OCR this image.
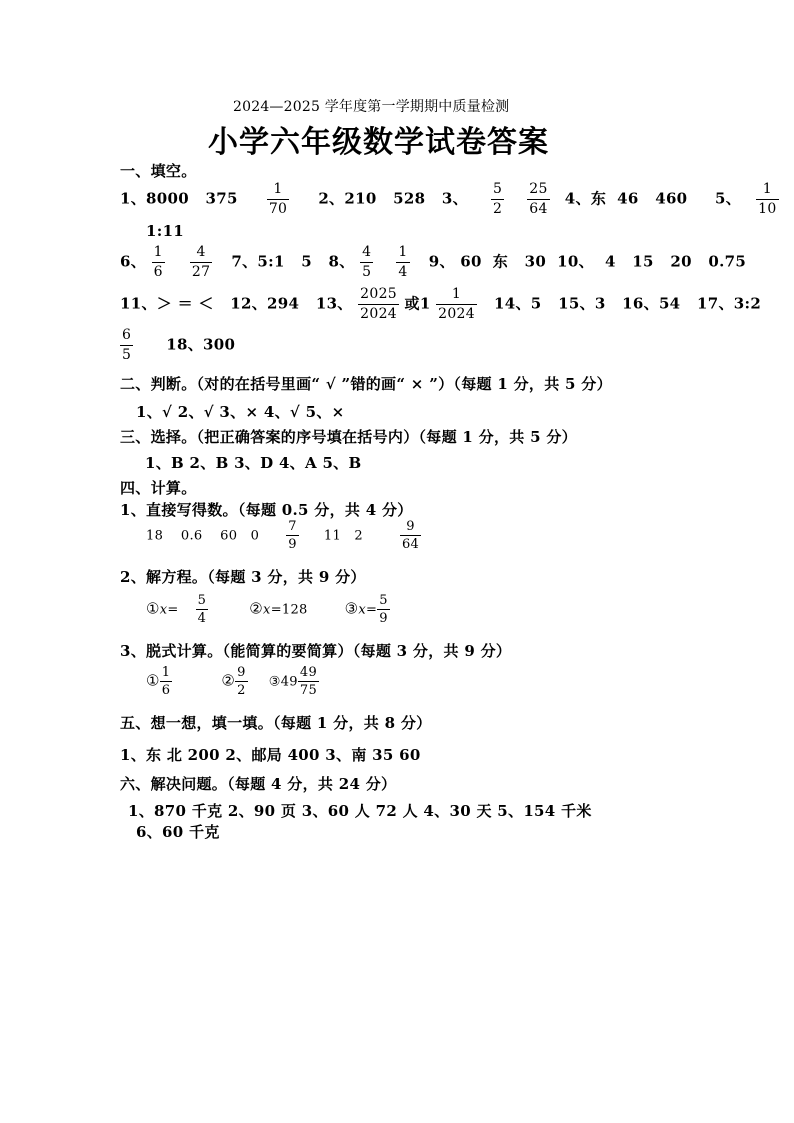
2024—2025 学年度第一学期期中质量检测
小学六年级数学试卷答案
一、填空。
1、8000   $375 \frac{1}{70} 2$、210   528   3、 $\frac{5}{2}$
$\frac{25}{64} 4$、东  46   460     5、 $\frac{1}{10}$
1:11
6、 $\frac{1}{6}$
$\frac{4}{27} 7$、5:1   5   8、 $\frac{4}{5}$
$\frac{1}{4} 9$、 60  东   30  10、  4   15   20   0.75
11、＞ ＝ ＜   12、294   13、 $\frac{2025}{2024}$ 或$1 \frac{1}{2024} 14$、5   15、3   16、54   17、3:2
$\frac{6}{5} 18$、300
二、判断。（对的在括号里画“ √ ”错的画“ × ”）（每题 1 分，共 5 分）
1、√ 2、√ 3、× 4、√ 5、×
三、选择。（把正确答案的序号填在括号内）（每题 1 分，共 5 分）
1、B 2、B 3、D 4、A 5、B
四、计算。
1、直接写得数。（每题 0.5 分，共 4 分）
18    0.6    60   $0 \frac{7}{9} 11$   2	$\frac{9}{64}$
2、解方程。（每题 3 分，共 9 分）
①x= $\frac{5}{4}$	②x=128 ③x= $\frac{5}{9}$
3、脱式计算。（能简算的要简算）（每题 3 分，共 9 分）
① $\frac{1}{6}$	② $\frac{9}{2}$ ③49 $\frac{49}{75}$
五、想一想，填一填。（每题 1 分，共 8 分）
1、东 北 200 2、邮局 400 3、南 35 60
六、解决问题。（每题 4 分，共 24 分）
1、870 千克 2、90 页 3、60 人 72 人 4、30 天 5、154 千米
6、60 千克
